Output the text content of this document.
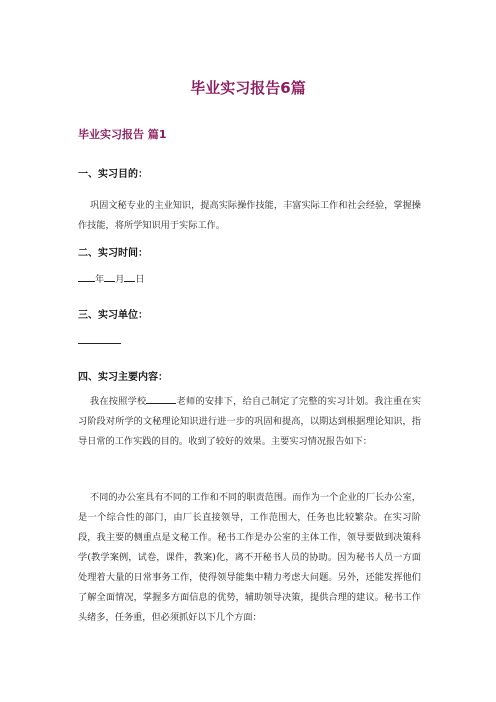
毕业实习报告6篇
毕业实习报告 篇1
一、实习目的：

巩固文秘专业的主业知识，提高实际操作技能，丰富实际工作和社会经验，掌握操作技能，将所学知识用于实际工作。

二、实习时间：

年 月 日

三、实习单位：

四、实习主要内容：

我在按照学校	老师的安排下，给自己制定了完整的实习计划。我注重在实习阶段对所学的文秘理论知识进行进一步的巩固和提高，以期达到根据理论知识，指导日常的工作实践的目的。收到了较好的效果。主要实习情况报告如下：

不同的办公室具有不同的工作和不同的职责范围。而作为一个企业的厂长办公室，是一个综合性的部门，由厂长直接领导，工作范围大，任务也比较繁杂。在实习阶段，我主要的侧重点是文秘工作。秘书工作是办公室的主体工作，领导要做到决策科学(教学案例，试卷，课件，教案)化，离不开秘书人员的协助。因为秘书人员一方面处理着大量的日常事务工作，使得领导能集中精力考虑大问题。另外，还能发挥他们了解全面情况，掌握多方面信息的优势，辅助领导决策，提供合理的建议。秘书工作头绪多，任务重，但必须抓好以下几个方面：
